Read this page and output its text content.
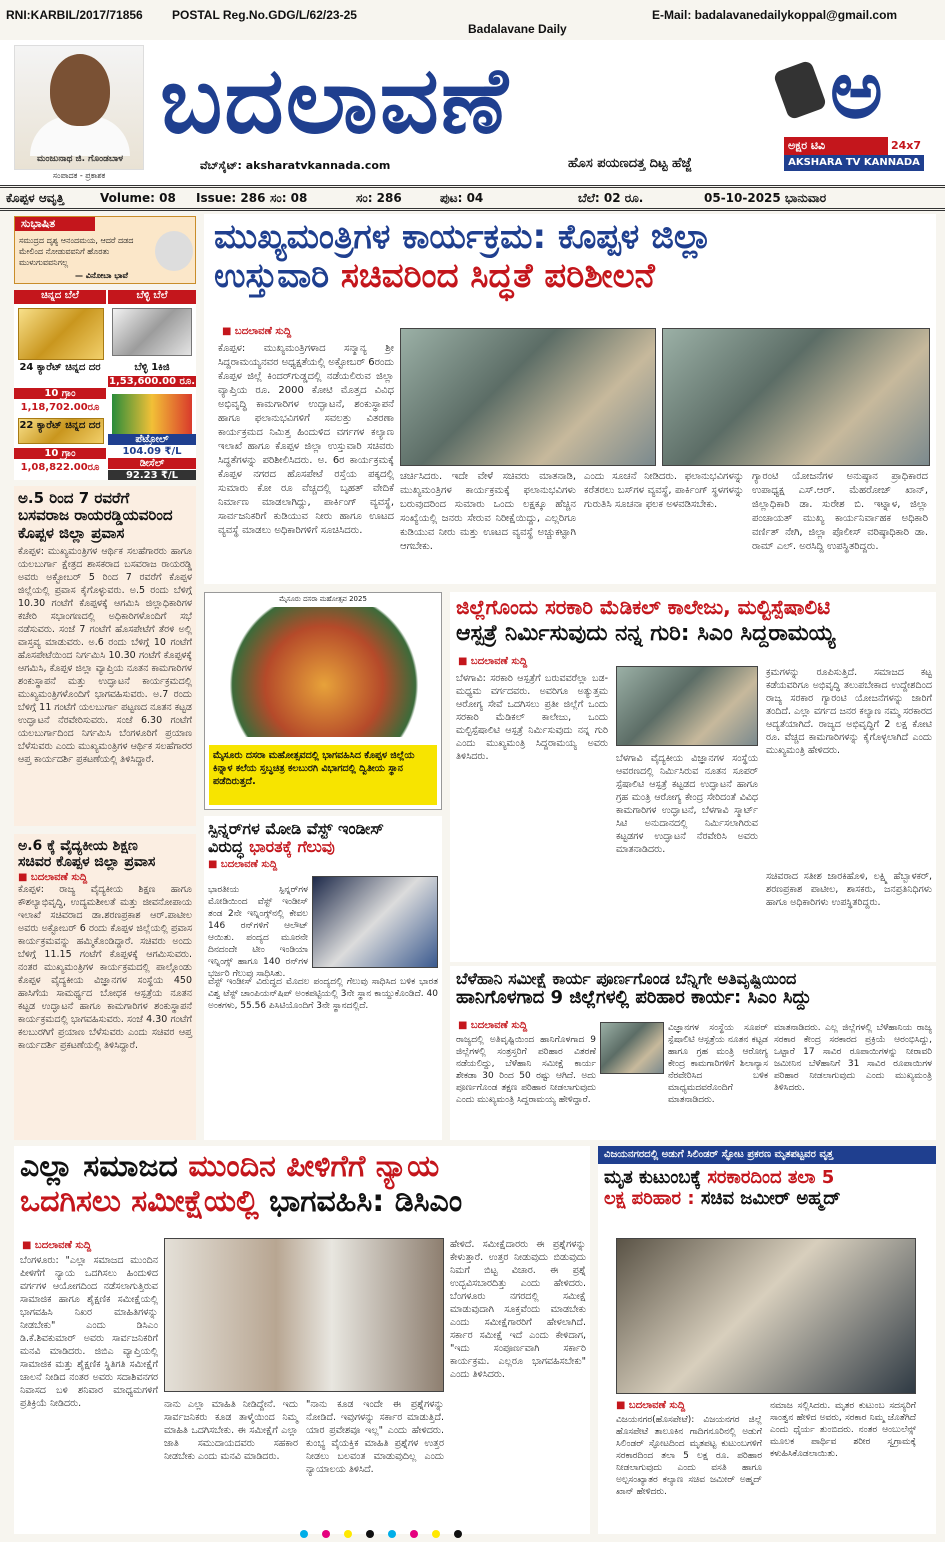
RNI:KARBIL/2017/71856 POSTAL Reg.No.GDG/L/62/23-25
Badalavane Daily
E-Mail: badalavanedailykoppal@gmail.com
ಮಂಜುನಾಥ ಜಿ. ಗೊಂಡಬಾಳ
ಸಂಪಾದಕ - ಪ್ರಕಾಶಕ
ಬದಲಾವಣೆ
ವೆಬ್‌ಸೈಟ್: aksharatvkannada.com	ಹೊಸ ಪಯಣದತ್ತ ದಿಟ್ಟ ಹೆಜ್ಜೆ
ಅ
ಅಕ್ಷರ ಟಿವಿ	24x7
AKSHARA TV KANNADA
ಕೊಪ್ಪಳ ಆವೃತ್ತಿ	Volume: 08 Issue: 286 ಸಂ: 08	ಸಂ: 286	ಪುಟ: 04	ಬೆಲೆ: 02 ರೂ.	05-10-2025 ಭಾನುವಾರ
ಸುಭಾಷಿತ
ಸಮುದ್ರದ ದೃಶ್ಯ ಆನಂದಮಯ, ಆದರೆ ದಡದ ಮೇಲಿಂದ ನೋಡುವವನಿಗೆ ಹೊರತು ಮುಳುಗುವವನಿಗಲ್ಲ
— ವಿನೋಬಾ ಭಾವೆ
ಚಿನ್ನದ ಬೆಲೆ	ಬೆಳ್ಳಿ ಬೆಲೆ
24 ಕ್ಯಾರೆಟ್ ಚಿನ್ನದ ದರ
10 ಗ್ರಾಂ
1,18,702.00ರೂ
ಬೆಳ್ಳಿ 1ಕಿಜಿ
1,53,600.00 ರೂ.
22 ಕ್ಯಾರೆಟ್ ಚಿನ್ನದ ದರ
10 ಗ್ರಾಂ
1,08,822.00ರೂ
ಪೆಟ್ರೋಲ್
104.09 ₹/L
ಡೀಸೆಲ್
92.23 ₹/L
ಅ.5 ರಿಂದ 7 ರವರೆಗೆ
ಬಸವರಾಜ ರಾಯರಡ್ಡಿಯವರಿಂದ
ಕೊಪ್ಪಳ ಜಿಲ್ಲಾ ಪ್ರವಾಸ
ಕೊಪ್ಪಳ: ಮುಖ್ಯಮಂತ್ರಿಗಳ ಆರ್ಥಿಕ ಸಲಹೆಗಾರರು ಹಾಗೂ ಯಲಬುರ್ಗಾ ಕ್ಷೇತ್ರದ ಶಾಸಕರಾದ ಬಸವರಾಜ ರಾಯರಡ್ಡಿ ಅವರು ಅಕ್ಟೋಬರ್ 5 ರಿಂದ 7 ರವರೆಗೆ ಕೊಪ್ಪಳ ಜಿಲ್ಲೆಯಲ್ಲಿ ಪ್ರವಾಸ ಕೈಗೊಳ್ಳುವರು. ಅ.5 ರಂದು ಬೆಳಿಗ್ಗೆ 10.30 ಗಂಟೆಗೆ ಕೊಪ್ಪಳಕ್ಕೆ ಆಗಮಿಸಿ ಜಿಲ್ಲಾಧಿಕಾರಿಗಳ ಕಚೇರಿ ಸಭಾಂಗಣದಲ್ಲಿ ಅಧಿಕಾರಿಗಳೊಂದಿಗೆ ಸಭೆ ನಡೆಸುವರು. ಸಂಜೆ 7 ಗಂಟೆಗೆ ಹೊಸಪೇಟೆಗೆ ತೆರಳಿ ಅಲ್ಲಿ ವಾಸ್ತವ್ಯ ಮಾಡುವರು. ಅ.6 ರಂದು ಬೆಳಿಗ್ಗೆ 10 ಗಂಟೆಗೆ ಹೊಸಪೇಟೆಯಿಂದ ನಿರ್ಗಮಿಸಿ 10.30 ಗಂಟೆಗೆ ಕೊಪ್ಪಳಕ್ಕೆ ಆಗಮಿಸಿ, ಕೊಪ್ಪಳ ಜಿಲ್ಲಾ ವ್ಯಾಪ್ತಿಯ ನೂತನ ಕಾಮಗಾರಿಗಳ ಶಂಕುಸ್ಥಾಪನೆ ಮತ್ತು ಉದ್ಘಾಟನೆ ಕಾರ್ಯಕ್ರಮದಲ್ಲಿ ಮುಖ್ಯಮಂತ್ರಿಗಳೊಂದಿಗೆ ಭಾಗವಹಿಸುವರು. ಅ.7 ರಂದು ಬೆಳಿಗ್ಗೆ 11 ಗಂಟೆಗೆ ಯಲಬುರ್ಗಾ ಪಟ್ಟಣದ ನೂತನ ಕಟ್ಟಡ ಉದ್ಘಾಟನೆ ನೆರವೇರಿಸುವರು. ಸಂಜೆ 6.30 ಗಂಟೆಗೆ ಯಲಬುರ್ಗಾದಿಂದ ನಿರ್ಗಮಿಸಿ ಬೆಂಗಳೂರಿಗೆ ಪ್ರಯಾಣ ಬೆಳೆಸುವರು ಎಂದು ಮುಖ್ಯಮಂತ್ರಿಗಳ ಆರ್ಥಿಕ ಸಲಹೆಗಾರರ ಆಪ್ತ ಕಾರ್ಯದರ್ಶಿ ಪ್ರಕಟಣೆಯಲ್ಲಿ ತಿಳಿಸಿದ್ದಾರೆ.
ಅ.6 ಕ್ಕೆ ವೈದ್ಯಕೀಯ ಶಿಕ್ಷಣ
ಸಚಿವರ ಕೊಪ್ಪಳ ಜಿಲ್ಲಾ ಪ್ರವಾಸ
■ ಬದಲಾವಣೆ ಸುದ್ದಿ
ಕೊಪ್ಪಳ: ರಾಜ್ಯ ವೈದ್ಯಕೀಯ ಶಿಕ್ಷಣ ಹಾಗೂ ಕೌಶಲ್ಯಾಭಿವೃದ್ಧಿ, ಉದ್ಯಮಶೀಲತೆ ಮತ್ತು ಜೀವನೋಪಾಯ ಇಲಾಖೆ ಸಚಿವರಾದ ಡಾ.ಶರಣಪ್ರಕಾಶ ಆರ್.ಪಾಟೀಲ ಅವರು ಅಕ್ಟೋಬರ್ 6 ರಂದು ಕೊಪ್ಪಳ ಜಿಲ್ಲೆಯಲ್ಲಿ ಪ್ರವಾಸ ಕಾರ್ಯಕ್ರಮವನ್ನು ಹಮ್ಮಿಕೊಂಡಿದ್ದಾರೆ. ಸಚಿವರು ಅಂದು ಬೆಳಿಗ್ಗೆ 11.15 ಗಂಟೆಗೆ ಕೊಪ್ಪಳಕ್ಕೆ ಆಗಮಿಸುವರು. ನಂತರ ಮುಖ್ಯಮಂತ್ರಿಗಳ ಕಾರ್ಯಕ್ರಮದಲ್ಲಿ ಪಾಲ್ಗೊಂಡು ಕೊಪ್ಪಳ ವೈದ್ಯಕೀಯ ವಿಜ್ಞಾನಗಳ ಸಂಸ್ಥೆಯ 450 ಹಾಸಿಗೆಯ ಸಾಮರ್ಥ್ಯದ ಬೋಧಕ ಆಸ್ಪತ್ರೆಯ ನೂತನ ಕಟ್ಟಡ ಉದ್ಘಾಟನೆ ಹಾಗೂ ಕಾಮಗಾರಿಗಳ ಶಂಕುಸ್ಥಾಪನೆ ಕಾರ್ಯಕ್ರಮದಲ್ಲಿ ಭಾಗವಹಿಸುವರು. ಸಂಜೆ 4.30 ಗಂಟೆಗೆ ಕಲಬುರಗಿಗೆ ಪ್ರಯಾಣ ಬೆಳೆಸುವರು ಎಂದು ಸಚಿವರ ಆಪ್ತ ಕಾರ್ಯದರ್ಶಿ ಪ್ರಕಟಣೆಯಲ್ಲಿ ತಿಳಿಸಿದ್ದಾರೆ.
ಮುಖ್ಯಮಂತ್ರಿಗಳ ಕಾರ್ಯಕ್ರಮ: ಕೊಪ್ಪಳ ಜಿಲ್ಲಾ
ಉಸ್ತುವಾರಿ ಸಚಿವರಿಂದ ಸಿದ್ಧತೆ ಪರಿಶೀಲನೆ
■ ಬದಲಾವಣೆ ಸುದ್ದಿ
ಕೊಪ್ಪಳ: ಮುಖ್ಯಮಂತ್ರಿಗಳಾದ ಸನ್ಮಾನ್ಯ ಶ್ರೀ ಸಿದ್ದರಾಮಯ್ಯನವರ ಅಧ್ಯಕ್ಷತೆಯಲ್ಲಿ ಅಕ್ಟೋಬರ್ 6ರಂದು ಕೊಪ್ಪಳ ಜಿಲ್ಲೆ ಕಿಂದರ್‌ಗುಡ್ಡದಲ್ಲಿ ನಡೆಯಲಿರುವ ಜಿಲ್ಲಾ ವ್ಯಾಪ್ತಿಯ ರೂ. 2000 ಕೋಟಿ ಮೊತ್ತದ ವಿವಿಧ ಅಭಿವೃದ್ಧಿ ಕಾಮಗಾರಿಗಳ ಉದ್ಘಾಟನೆ, ಶಂಕುಸ್ಥಾಪನೆ ಹಾಗೂ ಫಲಾನುಭವಿಗಳಿಗೆ ಸವಲತ್ತು ವಿತರಣಾ ಕಾರ್ಯಕ್ರಮದ ನಿಮಿತ್ತ ಹಿಂದುಳಿದ ವರ್ಗಗಳ ಕಲ್ಯಾಣ ಇಲಾಖೆ ಹಾಗೂ ಕೊಪ್ಪಳ ಜಿಲ್ಲಾ ಉಸ್ತುವಾರಿ ಸಚಿವರು ಸಿದ್ಧತೆಗಳನ್ನು ಪರಿಶೀಲಿಸಿದರು. ಅ. 6ರ ಕಾರ್ಯಕ್ರಮಕ್ಕೆ ಕೊಪ್ಪಳ ನಗರದ ಹೊಸಪೇಟೆ ರಸ್ತೆಯ ಪಕ್ಕದಲ್ಲಿ ಸುಮಾರು ಕೋ ರೂ ವೆಚ್ಚದಲ್ಲಿ ಬೃಹತ್ ವೇದಿಕೆ ನಿರ್ಮಾಣ ಮಾಡಲಾಗಿದ್ದು, ಪಾರ್ಕಿಂಗ್ ವ್ಯವಸ್ಥೆ, ಸಾರ್ವಜನಿಕರಿಗೆ ಕುಡಿಯುವ ನೀರು ಹಾಗೂ ಊಟದ ವ್ಯವಸ್ಥೆ ಮಾಡಲು ಅಧಿಕಾರಿಗಳಿಗೆ ಸೂಚಿಸಿದರು.
ಚರ್ಚಿಸಿದರು. ಇದೇ ವೇಳೆ ಸಚಿವರು ಮಾತನಾಡಿ, ಮುಖ್ಯಮಂತ್ರಿಗಳ ಕಾರ್ಯಕ್ರಮಕ್ಕೆ ಫಲಾನುಭವಿಗಳು ಬರುವುದರಿಂದ ಸುಮಾರು ಒಂದು ಲಕ್ಷಕ್ಕೂ ಹೆಚ್ಚಿನ ಸಂಖ್ಯೆಯಲ್ಲಿ ಜನರು ಸೇರುವ ನಿರೀಕ್ಷೆಯಿದ್ದು, ಎಲ್ಲರಿಗೂ ಕುಡಿಯುವ ನೀರು ಮತ್ತು ಊಟದ ವ್ಯವಸ್ಥೆ ಅಚ್ಚುಕಟ್ಟಾಗಿ ಆಗಬೇಕು.
ಎಂದು ಸೂಚನೆ ನೀಡಿದರು. ಫಲಾನುಭವಿಗಳನ್ನು ಕರೆತರಲು ಬಸ್‌ಗಳ ವ್ಯವಸ್ಥೆ, ಪಾರ್ಕಿಂಗ್ ಸ್ಥಳಗಳನ್ನು ಗುರುತಿಸಿ ಸೂಚನಾ ಫಲಕ ಅಳವಡಿಸಬೇಕು.
ಗ್ಯಾರಂಟಿ ಯೋಜನೆಗಳ ಅನುಷ್ಠಾನ ಪ್ರಾಧಿಕಾರದ ಉಪಾಧ್ಯಕ್ಷ ಎಸ್‌.ಆರ್. ಮೆಹರೋಜ್ ಖಾನ್, ಜಿಲ್ಲಾಧಿಕಾರಿ ಡಾ. ಸುರೇಶ ಬಿ. ಇಟ್ನಾಳ, ಜಿಲ್ಲಾ ಪಂಚಾಯತ್ ಮುಖ್ಯ ಕಾರ್ಯನಿರ್ವಾಹಕ ಅಧಿಕಾರಿ ವರ್ಣಿತ್ ನೇಗಿ, ಜಿಲ್ಲಾ ಪೊಲೀಸ್ ವರಿಷ್ಠಾಧಿಕಾರಿ ಡಾ. ರಾಮ್ ಎಲ್. ಅರಸಿದ್ದಿ ಉಪಸ್ಥಿತರಿದ್ದರು.
ಮೈಸೂರು ದಸರಾ ಮಹೋತ್ಸವ 2025
ಮೈಸೂರು ದಸರಾ ಮಹೋತ್ಸವದಲ್ಲಿ ಭಾಗವಹಿಸಿದ ಕೊಪ್ಪಳ ಜಿಲ್ಲೆಯ ಕಿನ್ನಾಳ ಕಲೆಯ ಸ್ತಬ್ಧಚಿತ್ರ ಕಲಬುರಗಿ ವಿಭಾಗದಲ್ಲಿ ದ್ವಿತೀಯ ಸ್ಥಾನ ಪಡೆದಿರುತ್ತದೆ.
ಸ್ಪಿನ್ನರ್‌ಗಳ ಮೋಡಿ ವೆಸ್ಟ್ ಇಂಡೀಸ್
ವಿರುದ್ಧ ಭಾರತಕ್ಕೆ ಗೆಲುವು
■ ಬದಲಾವಣೆ ಸುದ್ದಿ
ಭಾರತೀಯ ಸ್ಪಿನ್ನರ್‌ಗಳ ಮೋಡಿಯಿಂದ ವೆಸ್ಟ್ ಇಂಡೀಸ್ ತಂಡ 2ನೇ ಇನ್ನಿಂಗ್ಸ್‌ನಲ್ಲಿ ಕೇವಲ 146 ರನ್‌ಗಳಿಗೆ ಆಲೌಟ್ ಆಯಿತು. ಪಂದ್ಯದ ಮೂರನೇ ದಿನದಂದೇ ಟೀಂ ಇಂಡಿಯಾ ಇನ್ನಿಂಗ್ಸ್ ಹಾಗೂ 140 ರನ್‌ಗಳ ಭರ್ಜರಿ ಗೆಲುವು ಸಾಧಿಸಿತು.
ವೆಸ್ಟ್ ಇಂಡೀಸ್ ವಿರುದ್ಧದ ಮೊದಲ ಪಂದ್ಯದಲ್ಲಿ ಗೆಲುವು ಸಾಧಿಸಿದ ಬಳಿಕ ಭಾರತ ವಿಶ್ವ ಟೆಸ್ಟ್ ಚಾಂಪಿಯನ್‌ಷಿಪ್ ಅಂಕಪಟ್ಟಿಯಲ್ಲಿ 3ನೇ ಸ್ಥಾನ ಕಾಯ್ದುಕೊಂಡಿದೆ. 40 ಅಂಕಗಳು, 55.56 ಪಿಸಿಟಿಯೊಂದಿಗೆ 3ನೇ ಸ್ಥಾನದಲ್ಲಿದೆ.
ಜಿಲ್ಲೆಗೊಂದು ಸರಕಾರಿ ಮೆಡಿಕಲ್ ಕಾಲೇಜು, ಮಲ್ಟಿಸ್ಪೆಷಾಲಿಟಿ
ಆಸ್ಪತ್ರೆ ನಿರ್ಮಿಸುವುದು ನನ್ನ ಗುರಿ: ಸಿಎಂ ಸಿದ್ದರಾಮಯ್ಯ
■ ಬದಲಾವಣೆ ಸುದ್ದಿ
ಬೆಳಗಾವಿ: ಸರಕಾರಿ ಆಸ್ಪತ್ರೆಗೆ ಬರುವವರೆಲ್ಲಾ ಬಡ-ಮಧ್ಯಮ ವರ್ಗದವರು. ಅವರಿಗೂ ಅತ್ಯುತ್ತಮ ಆರೋಗ್ಯ ಸೇವೆ ಒದಗಿಸಲು ಪ್ರತೀ ಜಿಲ್ಲೆಗೆ ಒಂದು ಸರಕಾರಿ ಮೆಡಿಕಲ್ ಕಾಲೇಜು, ಒಂದು ಮಲ್ಟಿಸ್ಪೆಷಾಲಿಟಿ ಆಸ್ಪತ್ರೆ ನಿರ್ಮಿಸುವುದು ನನ್ನ ಗುರಿ ಎಂದು ಮುಖ್ಯಮಂತ್ರಿ ಸಿದ್ದರಾಮಯ್ಯ ಅವರು ತಿಳಿಸಿದರು.	ಬೆಳಗಾವಿ ವೈದ್ಯಕೀಯ ವಿಜ್ಞಾನಗಳ ಸಂಸ್ಥೆಯ ಆವರಣದಲ್ಲಿ ನಿರ್ಮಿಸಿರುವ ನೂತನ ಸೂಪರ್ ಸ್ಪೆಷಾಲಿಟಿ ಆಸ್ಪತ್ರೆ ಕಟ್ಟಡದ ಉದ್ಘಾಟನೆ ಹಾಗೂ ಗ್ರಹ ಮಂತ್ರಿ ಆರೋಗ್ಯ ಕೇಂದ್ರ ಸೇರಿದಂತೆ ವಿವಿಧ ಕಾಮಗಾರಿಗಳ ಉದ್ಘಾಟನೆ, ಬೆಳಗಾವಿ ಸ್ಮಾರ್ಟ್ ಸಿಟಿ ಅನುದಾನದಲ್ಲಿ ನಿರ್ಮಿಸಲಾಗಿರುವ ಕಟ್ಟಡಗಳ ಉದ್ಘಾಟನೆ ನೆರವೇರಿಸಿ ಅವರು ಮಾತನಾಡಿದರು.
ಕ್ರಮಗಳನ್ನು ರೂಪಿಸುತ್ತಿದೆ. ಸಮಾಜದ ಕಟ್ಟ ಕಡೆಯವರಿಗೂ ಅಭಿವೃದ್ಧಿ ತಲುಪಬೇಕಾದ ಉದ್ದೇಶದಿಂದ ರಾಜ್ಯ ಸರಕಾರ ಗ್ಯಾರಂಟಿ ಯೋಜನೆಗಳನ್ನು ಜಾರಿಗೆ ತಂದಿದೆ. ಎಲ್ಲಾ ವರ್ಗದ ಜನರ ಕಲ್ಯಾಣ ನಮ್ಮ ಸರಕಾರದ ಆದ್ಯತೆಯಾಗಿದೆ. ರಾಜ್ಯದ ಅಭಿವೃದ್ಧಿಗೆ 2 ಲಕ್ಷ ಕೋಟಿ ರೂ. ವೆಚ್ಚದ ಕಾಮಗಾರಿಗಳನ್ನು ಕೈಗೊಳ್ಳಲಾಗಿದೆ ಎಂದು ಮುಖ್ಯಮಂತ್ರಿ ಹೇಳಿದರು.
ಸಚಿವರಾದ ಸತೀಶ ಜಾರಕಿಹೊಳಿ, ಲಕ್ಷ್ಮಿ ಹೆಬ್ಬಾಳಕರ್, ಶರಣಪ್ರಕಾಶ ಪಾಟೀಲ, ಶಾಸಕರು, ಜನಪ್ರತಿನಿಧಿಗಳು ಹಾಗೂ ಅಧಿಕಾರಿಗಳು ಉಪಸ್ಥಿತರಿದ್ದರು.
ಬೆಳೆಹಾನಿ ಸಮೀಕ್ಷೆ ಕಾರ್ಯ ಪೂರ್ಣಗೊಂಡ ಬೆನ್ನಿಗೇ ಅತಿವೃಷ್ಟಿಯಿಂದ
ಹಾನಿಗೊಳಗಾದ 9 ಜಿಲ್ಲೆಗಳಲ್ಲಿ ಪರಿಹಾರ ಕಾರ್ಯ: ಸಿಎಂ ಸಿದ್ದು
■ ಬದಲಾವಣೆ ಸುದ್ದಿ
ರಾಜ್ಯದಲ್ಲಿ ಅತಿವೃಷ್ಟಿಯಿಂದ ಹಾನಿಗೊಳಗಾದ 9 ಜಿಲ್ಲೆಗಳಲ್ಲಿ ಸಂತ್ರಸ್ತರಿಗೆ ಪರಿಹಾರ ವಿತರಣೆ ನಡೆಯಲಿದ್ದು, ಬೆಳೆಹಾನಿ ಸಮೀಕ್ಷೆ ಕಾರ್ಯ ಶೇಕಡಾ 30 ರಿಂದ 50 ರಷ್ಟು ಆಗಿದೆ. ಅದು ಪೂರ್ಣಗೊಂಡ ತಕ್ಷಣ ಪರಿಹಾರ ನೀಡಲಾಗುವುದು ಎಂದು ಮುಖ್ಯಮಂತ್ರಿ ಸಿದ್ದರಾಮಯ್ಯ ಹೇಳಿದ್ದಾರೆ.
ವಿಜ್ಞಾನಗಳ ಸಂಸ್ಥೆಯ ಸೂಪರ್ ಸ್ಪೆಷಾಲಿಟಿ ಆಸ್ಪತ್ರೆಯ ನೂತನ ಕಟ್ಟಡ ಹಾಗೂ ಗ್ರಹ ಮಂತ್ರಿ ಆರೋಗ್ಯ ಕೇಂದ್ರ ಕಾಮಗಾರಿಗಳಿಗೆ ಶಿಲಾನ್ಯಾಸ ನೆರವೇರಿಸಿದ ಬಳಿಕ ಮಾಧ್ಯಮದವರೊಂದಿಗೆ ಮಾತನಾಡಿದರು.
ಮಾತನಾಡಿದರು. ಎಲ್ಲ ಜಿಲ್ಲೆಗಳಲ್ಲಿ ಬೆಳೆಹಾನಿಯ ರಾಜ್ಯ ಸರಕಾರ ಕೇಂದ್ರ ಸರಕಾರದ ಪ್ರಕ್ರಿಯೆ ಆರಂಭಿಸಿದ್ದು, ಒಟ್ಟಾರೆ 17 ಸಾವಿರ ರೂಪಾಯಿಗಳನ್ನು ನೀರಾವರಿ ಜಮೀನಿನ ಬೆಳೆಹಾನಿಗೆ 31 ಸಾವಿರ ರೂಪಾಯಿಗಳ ಪರಿಹಾರ ನೀಡಲಾಗುವುದು ಎಂದು ಮುಖ್ಯಮಂತ್ರಿ ತಿಳಿಸಿದರು.
ಎಲ್ಲಾ ಸಮಾಜದ ಮುಂದಿನ ಪೀಳಿಗೆಗೆ ನ್ಯಾಯ
ಒದಗಿಸಲು ಸಮೀಕ್ಷೆಯಲ್ಲಿ ಭಾಗವಹಿಸಿ: ಡಿಸಿಎಂ
■ ಬದಲಾವಣೆ ಸುದ್ದಿ
ಬೆಂಗಳೂರು: "ಎಲ್ಲಾ ಸಮಾಜದ ಮುಂದಿನ ಪೀಳಿಗೆಗೆ ನ್ಯಾಯ ಒದಗಿಸಲು ಹಿಂದುಳಿದ ವರ್ಗಗಳ ಆಯೋಗದಿಂದ ನಡೆಸಲಾಗುತ್ತಿರುವ ಸಾಮಾಜಿಕ ಹಾಗೂ ಶೈಕ್ಷಣಿಕ ಸಮೀಕ್ಷೆಯಲ್ಲಿ ಭಾಗವಹಿಸಿ ನಿಖರ ಮಾಹಿತಿಗಳನ್ನು ನೀಡಬೇಕು" ಎಂದು ಡಿಸಿಎಂ ಡಿ.ಕೆ.ಶಿವಕುಮಾರ್ ಅವರು ಸಾರ್ವಜನಿಕರಿಗೆ ಮನವಿ ಮಾಡಿದರು. ಜಿಬಿಎ ವ್ಯಾಪ್ತಿಯಲ್ಲಿ ಸಾಮಾಜಿಕ ಮತ್ತು ಶೈಕ್ಷಣಿಕ ಸ್ಥಿತಿಗತಿ ಸಮೀಕ್ಷೆಗೆ ಚಾಲನೆ ನೀಡಿದ ನಂತರ ಅವರು ಸದಾಶಿವನಗರ ನಿವಾಸದ ಬಳಿ ಶನಿವಾರ ಮಾಧ್ಯಮಗಳಿಗೆ ಪ್ರತಿಕ್ರಿಯೆ ನೀಡಿದರು.
ಹೇಳಿದೆ. ಸಮೀಕ್ಷೆದಾರರು ಈ ಪ್ರಶ್ನೆಗಳನ್ನು ಕೇಳುತ್ತಾರೆ. ಉತ್ತರ ನೀಡುವುದು ಬಿಡುವುದು ನಿಮಗೆ ಬಿಟ್ಟ ವಿಚಾರ. ಈ ಪ್ರಶ್ನೆ ಉದ್ಭವಿಸಬಾರದಿತ್ತು ಎಂದು ಹೇಳಿದರು. ಬೆಂಗಳೂರು ನಗರದಲ್ಲಿ ಸಮೀಕ್ಷೆ ಮಾಡುವುದಾಗಿ ಸೂಕ್ತವೆಂದು ಮಾಡಬೇಕು ಎಂದು ಸಮೀಕ್ಷೆಗಾರರಿಗೆ ಹೇಳಲಾಗಿದೆ. ಸರ್ಕಾರ ಸಮೀಕ್ಷೆ ಇದೆ ಎಂದು ಕೇಳಿದಾಗ, "ಇದು ಸಂಪೂರ್ಣವಾಗಿ ಸರ್ಕಾರಿ ಕಾರ್ಯಕ್ರಮ. ಎಲ್ಲರೂ ಭಾಗವಹಿಸಬೇಕು" ಎಂದು ತಿಳಿಸಿದರು.
ನಾನು ಎಲ್ಲಾ ಮಾಹಿತಿ ನೀಡಿದ್ದೇನೆ. ಇದು ಸಾರ್ವಜನಿಕರು ಕೂಡ ತಾಳ್ಮೆಯಿಂದ ನಿಮ್ಮ ಮಾಹಿತಿ ಒದಗಿಸಬೇಕು. ಈ ಸಮೀಕ್ಷೆಗೆ ಎಲ್ಲಾ ಜಾತಿ ಸಮುದಾಯದವರು ಸಹಕಾರ ನೀಡಬೇಕು ಎಂದು ಮನವಿ ಮಾಡಿದರು.
"ನಾನು ಕೂಡ ಇಂದೇ ಈ ಪ್ರಶ್ನೆಗಳನ್ನು ನೋಡಿದೆ. ಇವುಗಳನ್ನು ಸರ್ಕಾರ ಮಾಡುತ್ತಿದೆ. ಯಾರ ಪ್ರವೇಶವೂ ಇಲ್ಲ" ಎಂದು ಹೇಳಿದರು. ಕುಂಭ್ಯ ವೈಯಕ್ತಿಕ ಮಾಹಿತಿ ಪ್ರಶ್ನೆಗಳ ಉತ್ತರ ನೀಡಲು ಬಲವಂತ ಮಾಡುವುದಿಲ್ಲ ಎಂದು ನ್ಯಾಯಾಲಯ ತಿಳಿಸಿದೆ.
ವಿಜಯನಗರದಲ್ಲಿ ಅಡುಗೆ ಸಿಲಿಂಡರ್ ಸ್ಫೋಟ ಪ್ರಕರಣ ಮೃತಪಟ್ಟವರ ವೃತ್ತ
ಮೃತ ಕುಟುಂಬಕ್ಕೆ ಸರಕಾರದಿಂದ ತಲಾ 5
ಲಕ್ಷ ಪರಿಹಾರ : ಸಚಿವ ಜಮೀರ್ ಅಹ್ಮದ್
■ ಬದಲಾವಣೆ ಸುದ್ದಿ
ವಿಜಯನಗರ(ಹೊಸಪೇಟೆ): ವಿಜಯನಗರ ಜಿಲ್ಲೆ ಹೊಸಪೇಟೆ ತಾಲೂಕಿನ ಗಾದಿಗನೂರಿನಲ್ಲಿ ಅಡುಗೆ ಸಿಲಿಂಡರ್ ಸ್ಫೋಟದಿಂದ ಮೃತಪಟ್ಟ ಕುಟುಂಬಗಳಿಗೆ ಸರಕಾರದಿಂದ ತಲಾ 5 ಲಕ್ಷ ರೂ. ಪರಿಹಾರ ನೀಡಲಾಗುವುದು ಎಂದು ವಸತಿ ಹಾಗೂ ಅಲ್ಪಸಂಖ್ಯಾತರ ಕಲ್ಯಾಣ ಸಚಿವ ಜಮೀರ್ ಅಹ್ಮದ್ ಖಾನ್ ಹೇಳಿದರು.
ನಮಾಜ ಸಲ್ಲಿಸಿದರು. ಮೃತರ ಕುಟುಂಬ ಸದಸ್ಯರಿಗೆ ಸಾಂತ್ವನ ಹೇಳಿದ ಅವರು, ಸರಕಾರ ನಿಮ್ಮ ಜೊತೆಗಿದೆ ಎಂದು ಧೈರ್ಯ ತುಂಬಿದರು. ನಂತರ ಆಂಬುಲೆನ್ಸ್ ಮೂಲಕ ಪಾರ್ಥಿವ ಶರೀರ ಸ್ವಗ್ರಾಮಕ್ಕೆ ಕಳುಹಿಸಿಕೊಡಲಾಯಿತು.
